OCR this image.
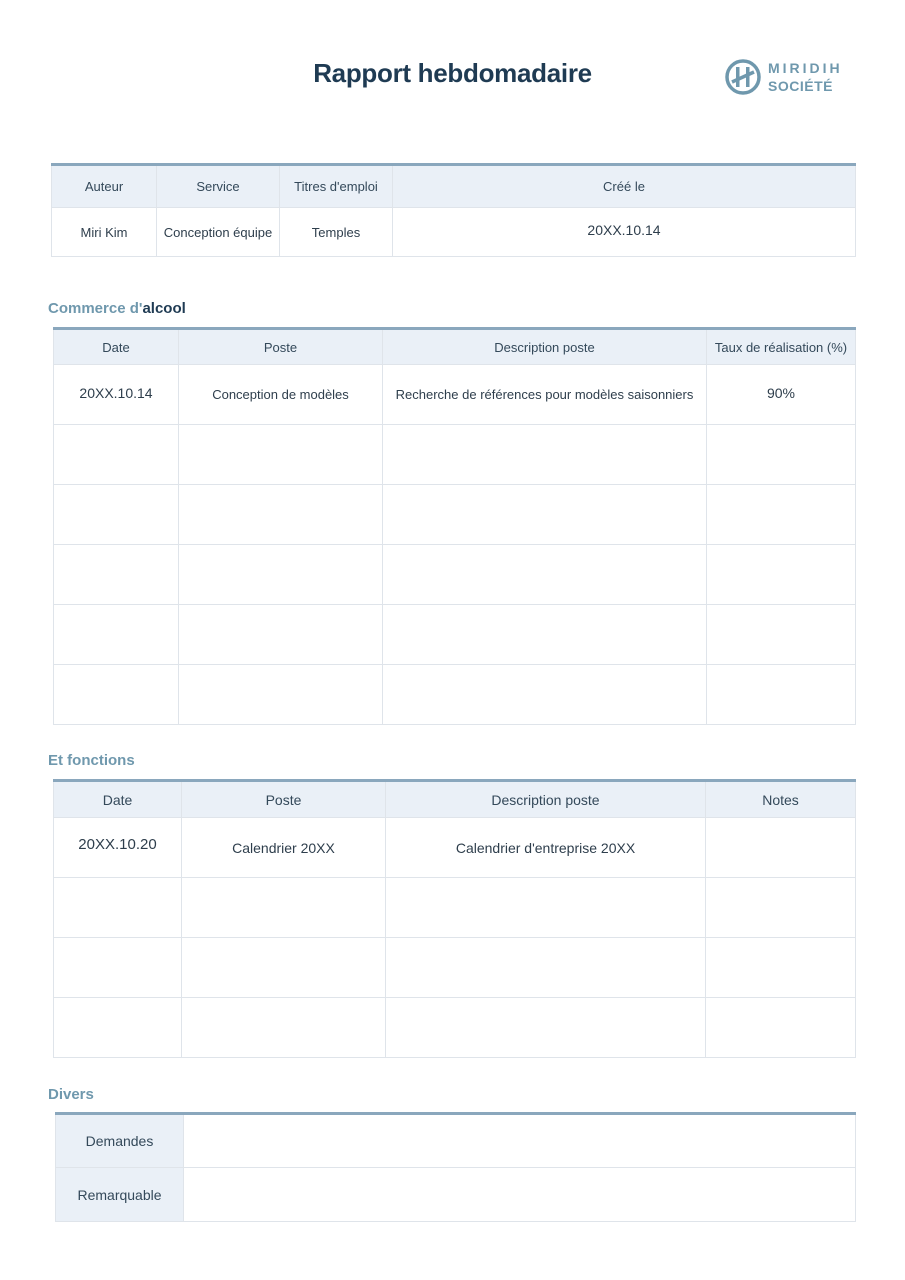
Rapport hebdomadaire	MIRIDIH
SOCIÉTÉ
Auteur	Service	Titres d'emploi	Créé le
Miri Kim	Conception équipe	Temples	20XX.10.14
Commerce d'alcool
Date	Poste	Description poste	Taux de réalisation (%)
20XX.10.14	Conception de modèles	Recherche de références pour modèles saisonniers	90%

Et fonctions
Date	Poste	Description poste	Notes
20XX.10.20	Calendrier 20XX	Calendrier d'entreprise 20XX	

Divers
Demandes	
Remarquable	
